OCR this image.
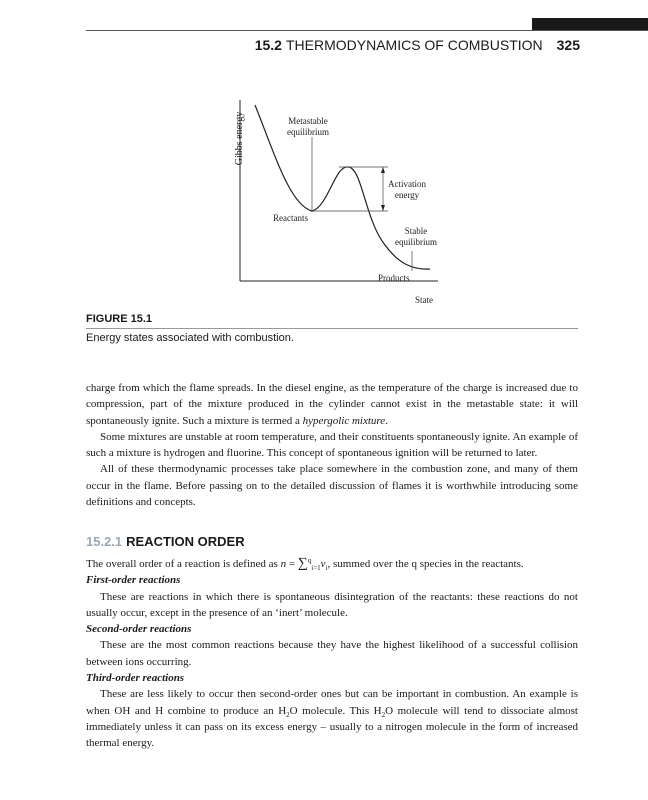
15.2 THERMODYNAMICS OF COMBUSTION 325
Gibbs energy	Metastable
equilibrium
Activation
energy
Reactants
Stable
equilibrium
Products
State
FIGURE 15.1
Energy states associated with combustion.

charge from which the flame spreads. In the diesel engine, as the temperature of the charge is increased due to compression, part of the mixture produced in the cylinder cannot exist in the metastable state: it will spontaneously ignite. Such a mixture is termed a hypergolic mixture.

Some mixtures are unstable at room temperature, and their constituents spontaneously ignite. An example of such a mixture is hydrogen and fluorine. This concept of spontaneous ignition will be returned to later.

All of these thermodynamic processes take place somewhere in the combustion zone, and many of them occur in the flame. Before passing on to the detailed discussion of flames it is worthwhile introducing some definitions and concepts.

15.2.1 REACTION ORDER

The overall order of a reaction is defined as $n = \sum^q_{i=1}\nu_i$, summed over the q species in the reactants.

First-order reactions

These are reactions in which there is spontaneous disintegration of the reactants: these reactions do not usually occur, except in the presence of an ‘inert’ molecule.

Second-order reactions

These are the most common reactions because they have the highest likelihood of a successful collision between ions occurring.

Third-order reactions

These are less likely to occur then second-order ones but can be important in combustion. An example is when OH and H combine to produce an $H_2O$ molecule. This $H_2O$ molecule will tend to dissociate almost immediately unless it can pass on its excess energy – usually to a nitrogen molecule in the form of increased thermal energy.
